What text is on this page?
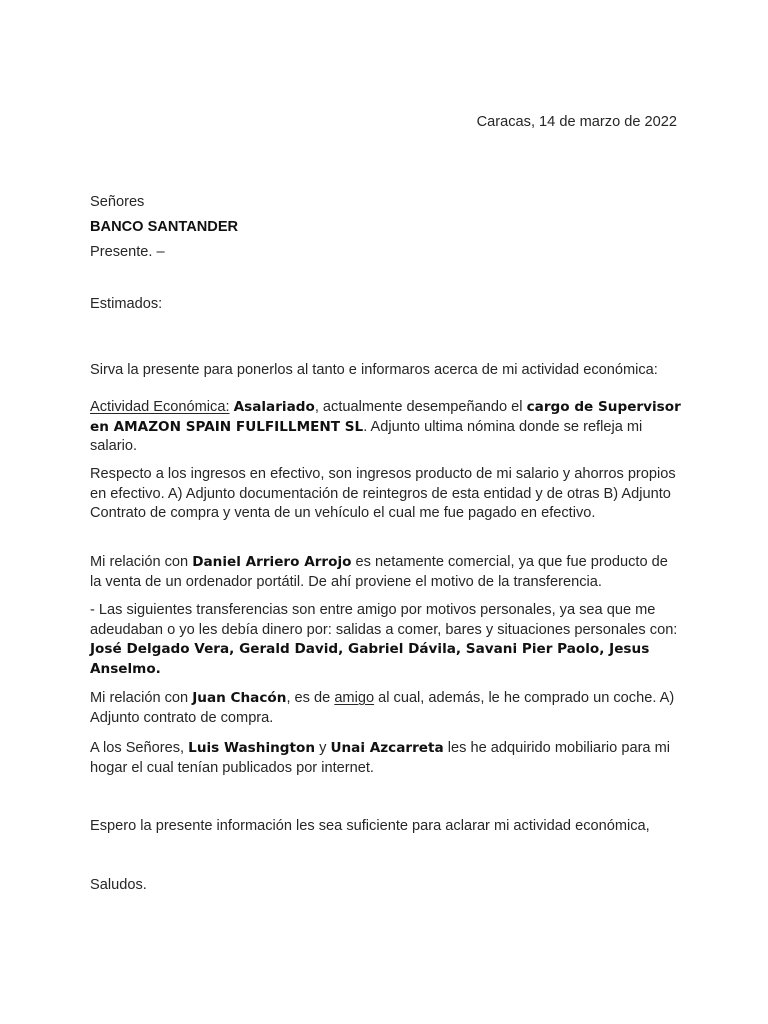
Caracas, 14 de marzo de 2022
Señores
BANCO SANTANDER
Presente. –
Estimados:
Sirva la presente para ponerlos al tanto e informaros acerca de mi actividad económica:
Actividad Económica: Asalariado, actualmente desempeñando el cargo de Supervisor en AMAZON SPAIN FULFILLMENT SL. Adjunto ultima nómina donde se refleja mi salario.
Respecto a los ingresos en efectivo, son ingresos producto de mi salario y ahorros propios en efectivo. A) Adjunto documentación de reintegros de esta entidad y de otras B) Adjunto Contrato de compra y venta de un vehículo el cual me fue pagado en efectivo.
Mi relación con Daniel Arriero Arrojo es netamente comercial, ya que fue producto de la venta de un ordenador portátil. De ahí proviene el motivo de la transferencia.
- Las siguientes transferencias son entre amigo por motivos personales, ya sea que me adeudaban o yo les debía dinero por: salidas a comer, bares y situaciones personales con: José Delgado Vera, Gerald David, Gabriel Dávila, Savani Pier Paolo, Jesus Anselmo.
Mi relación con Juan Chacón, es de amigo al cual, además, le he comprado un coche. A) Adjunto contrato de compra.
A los Señores, Luis Washington y Unai Azcarreta les he adquirido mobiliario para mi hogar el cual tenían publicados por internet.
Espero la presente información les sea suficiente para aclarar mi actividad económica,
Saludos.
